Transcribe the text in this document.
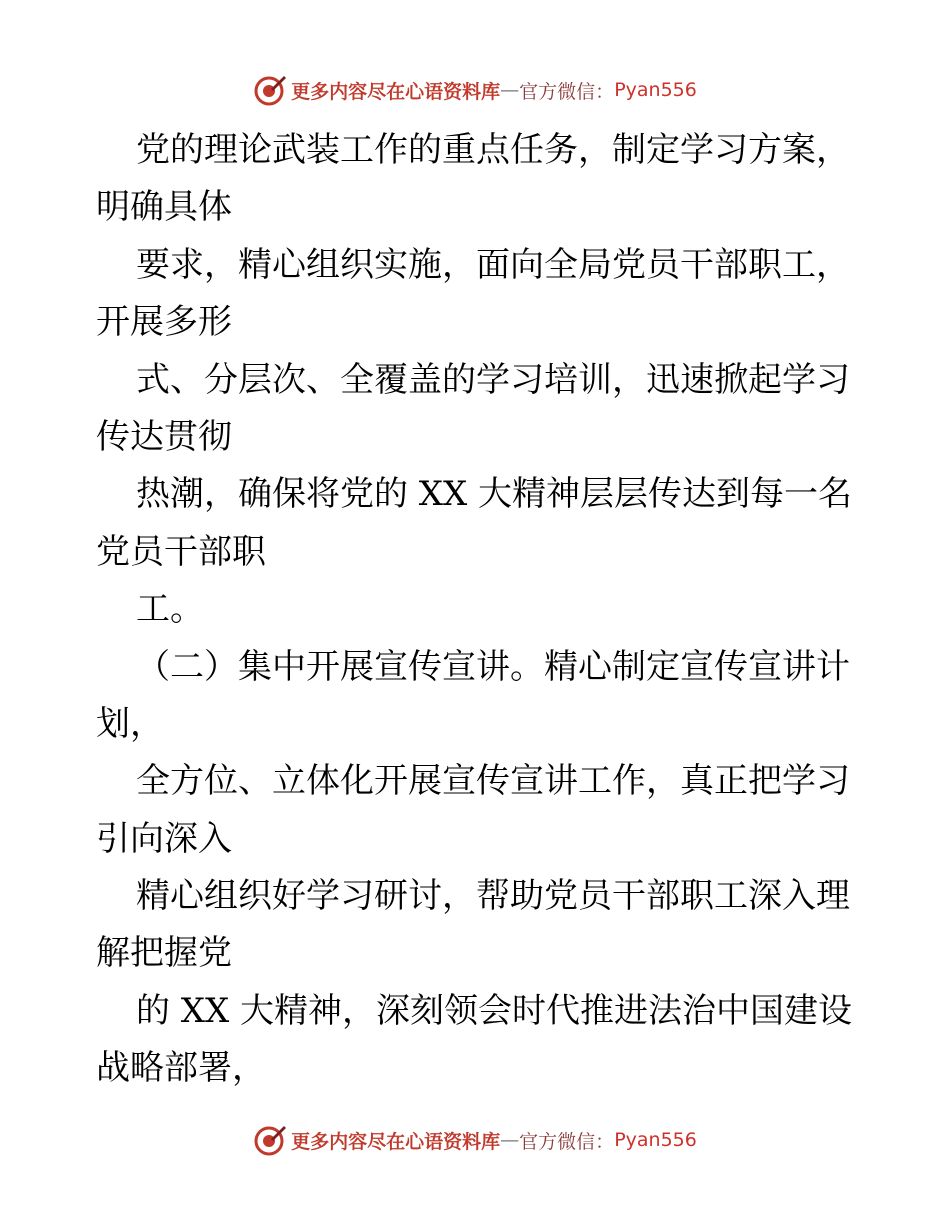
更多内容尽在心语资料库 — 官方微信： Pyan556
党的理论武装工作的重点任务，制定学习方案，
明确具体
要求，精心组织实施，面向全局党员干部职工，
开展多形
式、分层次、全覆盖的学习培训，迅速掀起学习
传达贯彻
热潮，确保将党的 XX 大精神层层传达到每一名
党员干部职
工。
（二）集中开展宣传宣讲。精心制定宣传宣讲计
划，
全方位、立体化开展宣传宣讲工作，真正把学习
引向深入
精心组织好学习研讨，帮助党员干部职工深入理
解把握党
的 XX 大精神，深刻领会时代推进法治中国建设
战略部署，
更多内容尽在心语资料库 — 官方微信： Pyan556
